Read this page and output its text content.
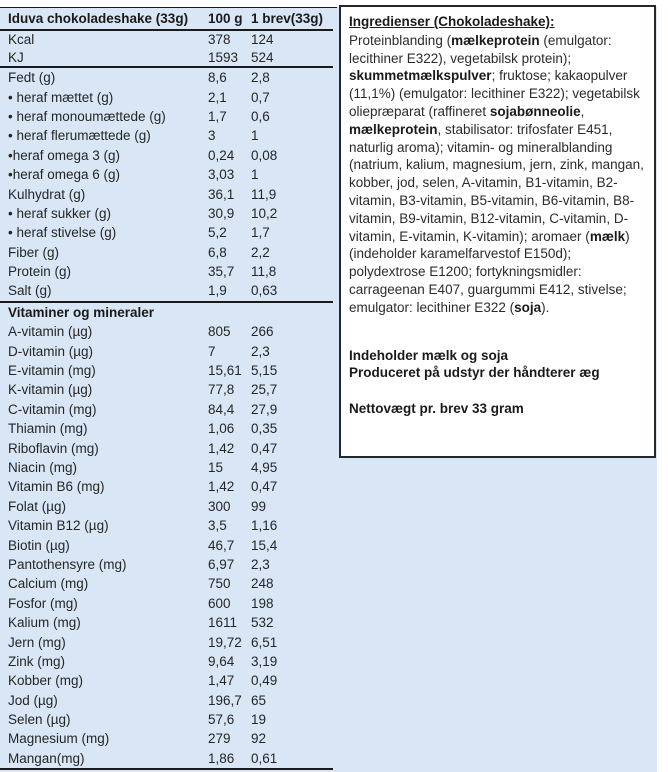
Iduva chokoladeshake (33g)	100 g 1 brev(33g)
Kcal	378	124
KJ	1593 524
Fedt (g)	8,6	2,8
• heraf mættet (g)	2,1	0,7
• heraf monoumættede (g)	1,7	0,6
• heraf flerumættede (g)	3	1
•heraf omega 3 (g)	0,24	0,08
•heraf omega 6 (g)	3,03	1
Kulhydrat (g)	36,1	11,9
• heraf sukker (g)	30,9	10,2
• heraf stivelse (g)	5,2	1,7
Fiber (g)	6,8	2,2
Protein (g)	35,7	11,8
Salt (g)	1,9	0,63
Vitaminer og mineraler
A-vitamin (µg)	805	266
D-vitamin (µg)	7	2,3
E-vitamin (mg)	15,61 5,15
K-vitamin (µg)	77,8	25,7
C-vitamin (mg)	84,4	27,9
Thiamin (mg)	1,06	0,35
Riboflavin (mg)	1,42	0,47
Niacin (mg)	15	4,95
Vitamin B6 (mg)	1,42	0,47
Folat (µg)	300	99
Vitamin B12 (µg)	3,5	1,16
Biotin (µg)	46,7	15,4
Pantothensyre (mg)	6,97	2,3
Calcium (mg)	750	248
Fosfor (mg)	600	198
Kalium (mg)	1611	532
Jern (mg)	19,72 6,51
Zink (mg)	9,64	3,19
Kobber (mg)	1,47	0,49
Jod (µg)	196,7 65
Selen (µg)	57,6	19
Magnesium (mg)	279	92
Mangan(mg)	1,86	0,61
Ingredienser (Chokoladeshake):
Proteinblanding (mælkeprotein (emulgator: lecithiner E322), vegetabilsk protein); skummetmælkspulver; fruktose; kakaopulver (11,1%) (emulgator: lecithiner E322); vegetabilsk oliepræparat (raffineret sojabønneolie, mælkeprotein, stabilisator: trifosfater E451, naturlig aroma); vitamin- og mineralblanding (natrium, kalium, magnesium, jern, zink, mangan, kobber, jod, selen, A-vitamin, B1-vitamin, B2-vitamin, B3-vitamin, B5-vitamin, B6-vitamin, B8-vitamin, B9-vitamin, B12-vitamin, C-vitamin, D-vitamin, E-vitamin, K-vitamin); aromaer (mælk) (indeholder karamelfarvestof E150d); polydextrose E1200; fortykningsmidler: carrageenan E407, guargummi E412, stivelse; emulgator: lecithiner E322 (soja).
Indeholder mælk og soja
Produceret på udstyr der håndterer æg
Nettovægt pr. brev 33 gram
